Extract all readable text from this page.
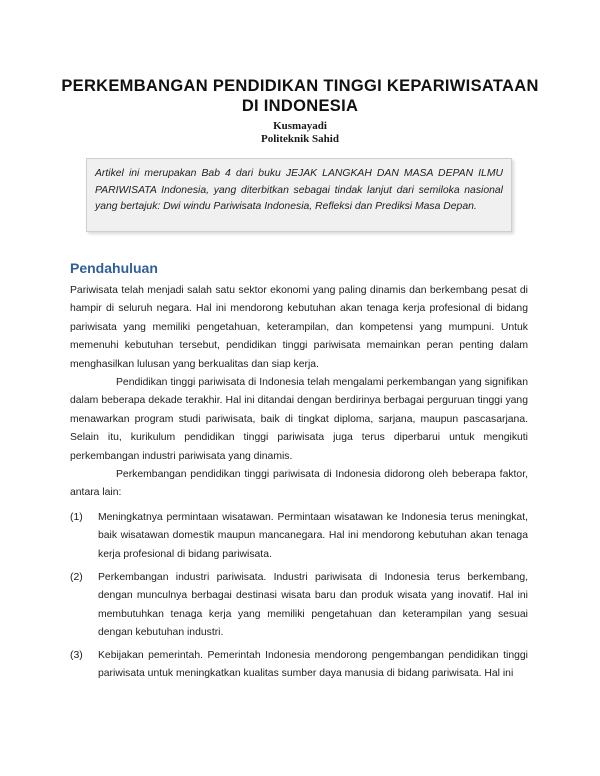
PERKEMBANGAN PENDIDIKAN TINGGI KEPARIWISATAAN
DI INDONESIA
Kusmayadi
Politeknik Sahid

Artikel ini merupakan Bab 4 dari buku JEJAK LANGKAH DAN MASA DEPAN ILMU PARIWISATA Indonesia, yang diterbitkan sebagai tindak lanjut dari semiloka nasional yang bertajuk: Dwi windu Pariwisata Indonesia, Refleksi dan Prediksi Masa Depan.

Pendahuluan

Pariwisata telah menjadi salah satu sektor ekonomi yang paling dinamis dan berkembang pesat di hampir di seluruh negara. Hal ini mendorong kebutuhan akan tenaga kerja profesional di bidang pariwisata yang memiliki pengetahuan, keterampilan, dan kompetensi yang mumpuni. Untuk memenuhi kebutuhan tersebut, pendidikan tinggi pariwisata memainkan peran penting dalam menghasilkan lulusan yang berkualitas dan siap kerja.

Pendidikan tinggi pariwisata di Indonesia telah mengalami perkembangan yang signifikan dalam beberapa dekade terakhir. Hal ini ditandai dengan berdirinya berbagai perguruan tinggi yang menawarkan program studi pariwisata, baik di tingkat diploma, sarjana, maupun pascasarjana. Selain itu, kurikulum pendidikan tinggi pariwisata juga terus diperbarui untuk mengikuti perkembangan industri pariwisata yang dinamis.

Perkembangan pendidikan tinggi pariwisata di Indonesia didorong oleh beberapa faktor, antara lain:

(1) Meningkatnya permintaan wisatawan. Permintaan wisatawan ke Indonesia terus meningkat, baik wisatawan domestik maupun mancanegara. Hal ini mendorong kebutuhan akan tenaga kerja profesional di bidang pariwisata.

(2) Perkembangan industri pariwisata. Industri pariwisata di Indonesia terus berkembang, dengan munculnya berbagai destinasi wisata baru dan produk wisata yang inovatif. Hal ini membutuhkan tenaga kerja yang memiliki pengetahuan dan keterampilan yang sesuai dengan kebutuhan industri.

(3) Kebijakan pemerintah. Pemerintah Indonesia mendorong pengembangan pendidikan tinggi pariwisata untuk meningkatkan kualitas sumber daya manusia di bidang pariwisata. Hal ini
